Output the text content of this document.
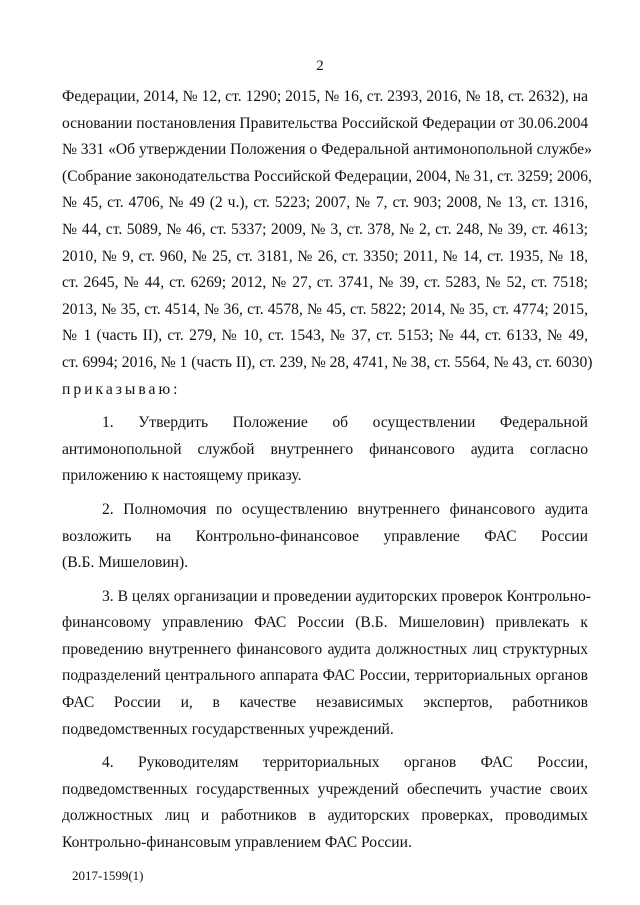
2
Федерации, 2014, № 12, ст. 1290; 2015, № 16, ст. 2393, 2016, № 18, ст. 2632), на
основании постановления Правительства Российской Федерации от 30.06.2004
№ 331 «Об утверждении Положения о Федеральной антимонопольной службе»
(Собрание законодательства Российской Федерации, 2004, № 31, ст. 3259; 2006,
№ 45, ст. 4706, № 49 (2 ч.), ст. 5223; 2007, № 7, ст. 903; 2008, № 13, ст. 1316,
№ 44, ст. 5089, № 46, ст. 5337; 2009, № 3, ст. 378, № 2, ст. 248, № 39, ст. 4613;
2010, № 9, ст. 960, № 25, ст. 3181, № 26, ст. 3350; 2011, № 14, ст. 1935, № 18,
ст. 2645, № 44, ст. 6269; 2012, № 27, ст. 3741, № 39, ст. 5283, № 52, ст. 7518;
2013, № 35, ст. 4514, № 36, ст. 4578, № 45, ст. 5822; 2014, № 35, ст. 4774; 2015,
№ 1 (часть II), ст. 279, № 10, ст. 1543, № 37, ст. 5153; № 44, ст. 6133, № 49,
ст. 6994; 2016, № 1 (часть II), ст. 239, № 28, 4741, № 38, ст. 5564, № 43, ст. 6030)
приказываю:
1. Утвердить Положение об осуществлении Федеральной
антимонопольной службой внутреннего финансового аудита согласно
приложению к настоящему приказу.
2. Полномочия по осуществлению внутреннего финансового аудита
возложить на Контрольно-финансовое управление ФАС России
(В.Б. Мишеловин).
3. В целях организации и проведении аудиторских проверок Контрольно-
финансовому управлению ФАС России (В.Б. Мишеловин) привлекать к
проведению внутреннего финансового аудита должностных лиц структурных
подразделений центрального аппарата ФАС России, территориальных органов
ФАС России и, в качестве независимых экспертов, работников
подведомственных государственных учреждений.
4. Руководителям территориальных органов ФАС России,
подведомственных государственных учреждений обеспечить участие своих
должностных лиц и работников в аудиторских проверках, проводимых
Контрольно-финансовым управлением ФАС России.
2017-1599(1)
